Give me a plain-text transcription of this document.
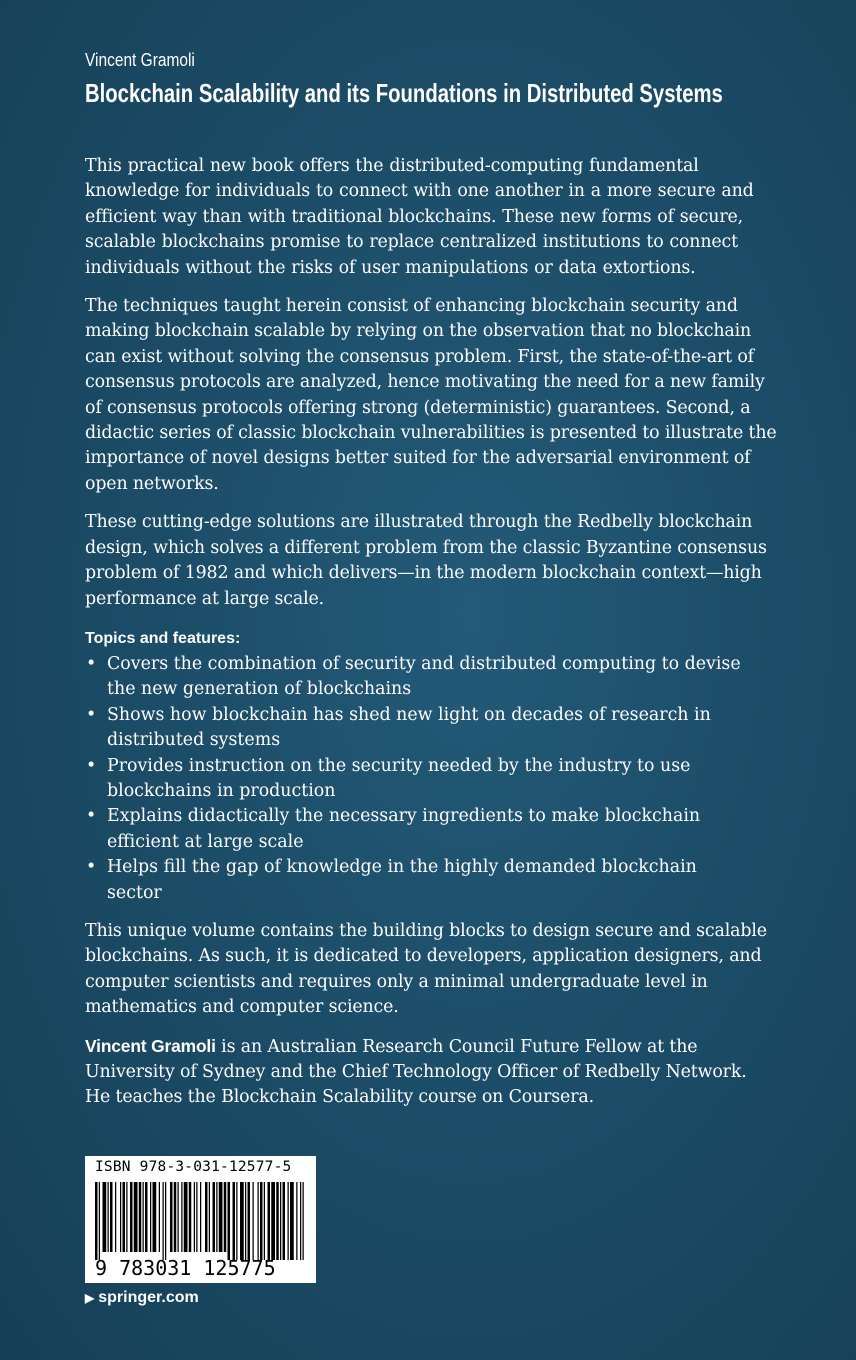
Vincent Gramoli
Blockchain Scalability and its Foundations in Distributed Systems

This practical new book offers the distributed-computing fundamental knowledge for individuals to connect with one another in a more secure and efficient way than with traditional blockchains. These new forms of secure, scalable blockchains promise to replace centralized institutions to connect individuals without the risks of user manipulations or data extortions.

The techniques taught herein consist of enhancing blockchain security and making blockchain scalable by relying on the observation that no blockchain can exist without solving the consensus problem. First, the state-of-the-art of consensus protocols are analyzed, hence motivating the need for a new family of consensus protocols offering strong (deterministic) guarantees. Second, a didactic series of classic blockchain vulnerabilities is presented to illustrate the importance of novel designs better suited for the adversarial environment of open networks.

These cutting-edge solutions are illustrated through the Redbelly blockchain design, which solves a different problem from the classic Byzantine consensus problem of 1982 and which delivers—in the modern blockchain context—high performance at large scale.

Topics and features:
• Covers the combination of security and distributed computing to devise the new generation of blockchains
• Shows how blockchain has shed new light on decades of research in distributed systems
• Provides instruction on the security needed by the industry to use blockchains in production
• Explains didactically the necessary ingredients to make blockchain efficient at large scale
• Helps fill the gap of knowledge in the highly demanded blockchain sector

This unique volume contains the building blocks to design secure and scalable blockchains. As such, it is dedicated to developers, application designers, and computer scientists and requires only a minimal undergraduate level in mathematics and computer science.

Vincent Gramoli is an Australian Research Council Future Fellow at the University of Sydney and the Chief Technology Officer of Redbelly Network. He teaches the Blockchain Scalability course on Coursera.

ISBN 978-3-031-12577-5
9 783031 125775
▶ springer.com
